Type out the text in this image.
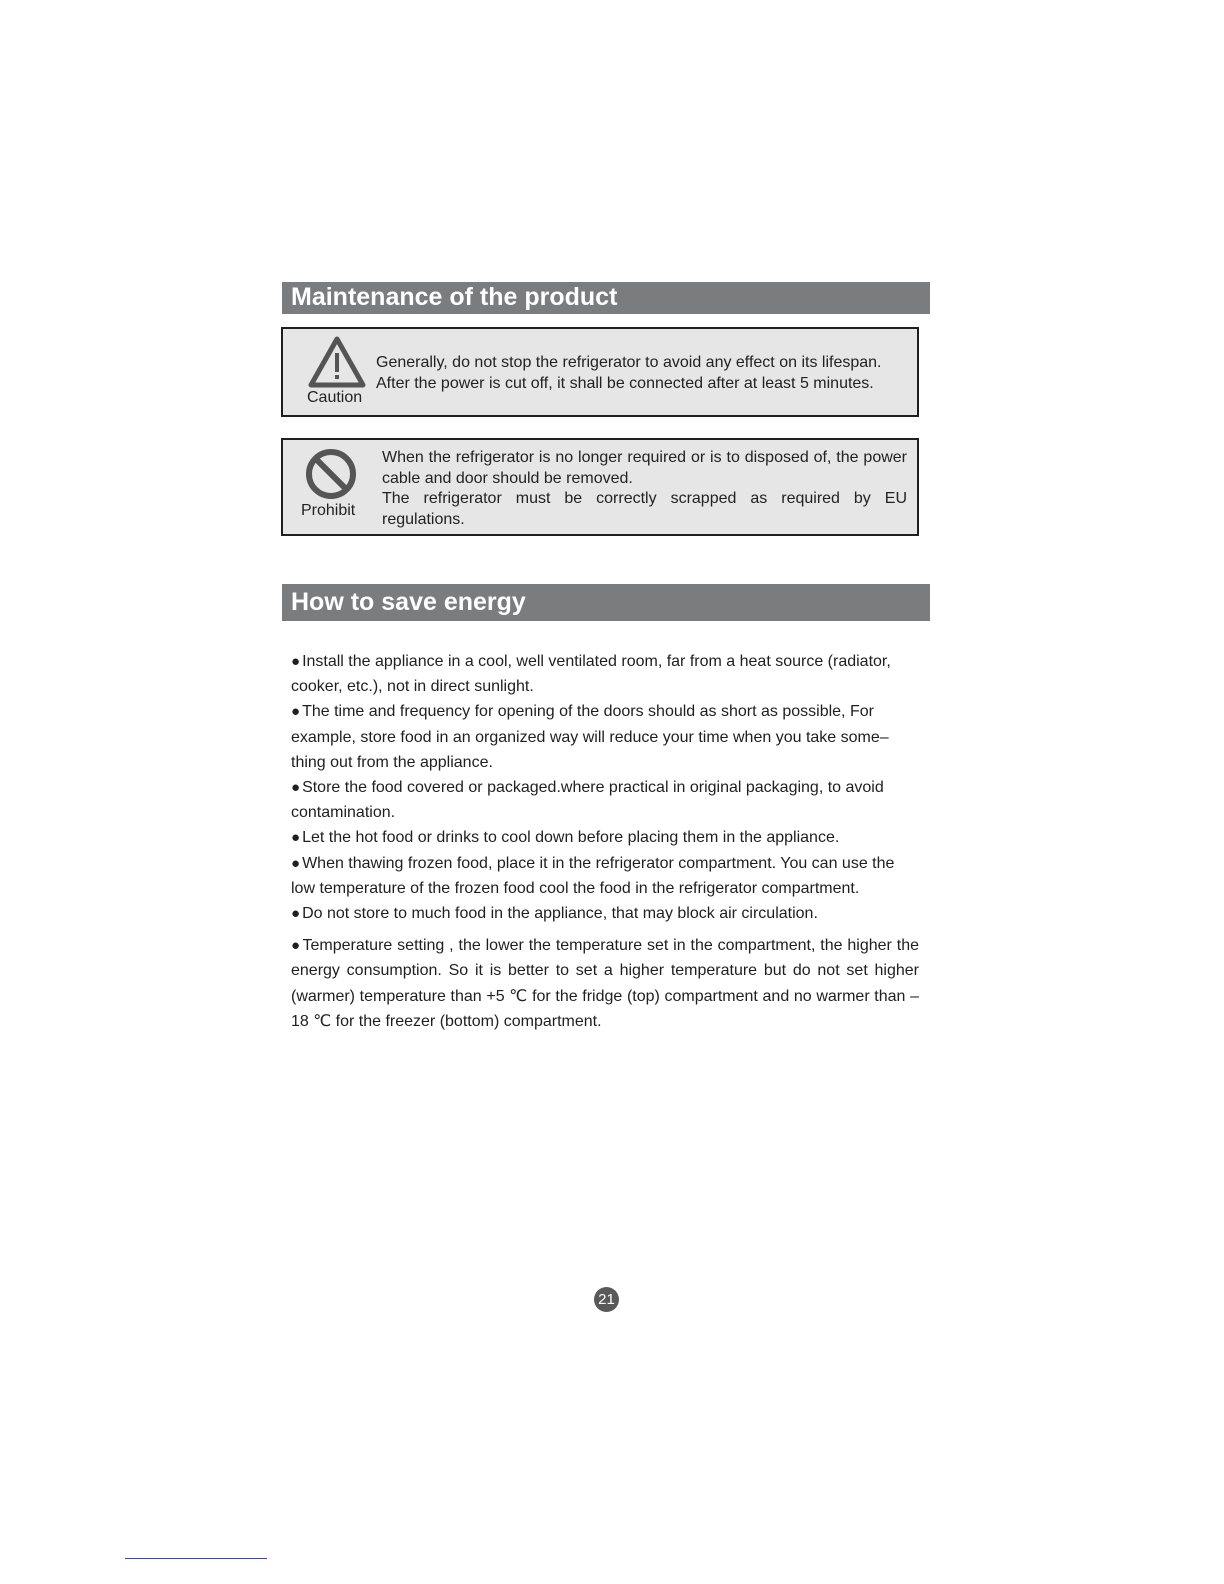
Maintenance of the product
Caution
Generally, do not stop the refrigerator to avoid any effect on its lifespan.
After the power is cut off, it shall be connected after at least 5 minutes.
Prohibit

When the refrigerator is no longer required or is to disposed of, the power cable and door should be removed.

The refrigerator must be correctly scrapped as required by EU regulations.

How to save energy

● Install the appliance in a cool, well ventilated room, far from a heat source (radiator, cooker, etc.), not in direct sunlight.

● The time and frequency for opening of the doors should as short as possible, For example, store food in an organized way will reduce your time when you take some–thing out from the appliance.

● Store the food covered or packaged.where practical in original packaging, to avoid contamination.

● Let the hot food or drinks to cool down before placing them in the appliance.

● When thawing frozen food, place it in the refrigerator compartment. You can use the low temperature of the frozen food cool the food in the refrigerator compartment.

● Do not store to much food in the appliance, that may block air circulation.

● Temperature setting , the lower the temperature set in the compartment, the higher the energy consumption. So it is better to set a higher temperature but do not set higher (warmer) temperature than +5 ℃ for the fridge (top) compartment and no warmer than –18 ℃ for the freezer (bottom) compartment.

21
